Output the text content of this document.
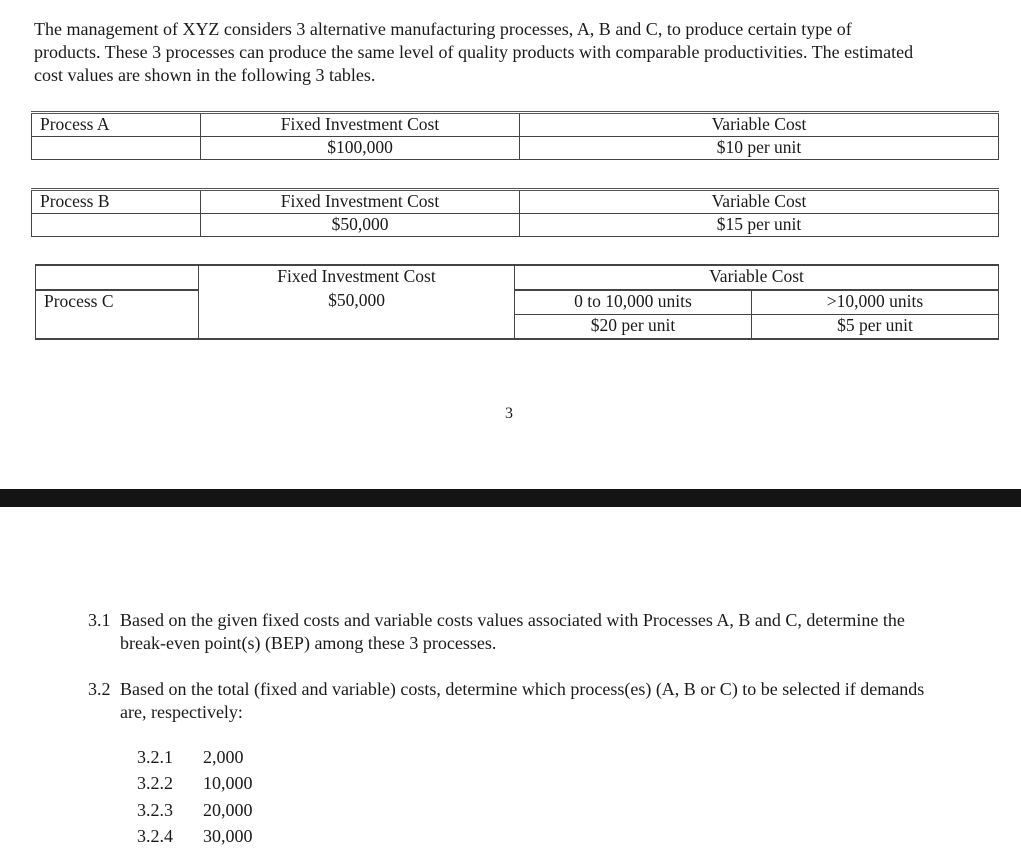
The management of XYZ considers 3 alternative manufacturing processes, A, B and C, to produce certain type of
products. These 3 processes can produce the same level of quality products with comparable productivities. The estimated
cost values are shown in the following 3 tables.
Process A	Fixed Investment Cost	Variable Cost
	$100,000	$10 per unit
Process B	Fixed Investment Cost	Variable Cost
	$50,000	$15 per unit
	Fixed Investment Cost	Variable Cost	
Process C	$50,000	0 to 10,000 units	>10,000 units
		$20 per unit	$5 per unit
3
3.1 Based on the given fixed costs and variable costs values associated with Processes A, B and C, determine the
break-even point(s) (BEP) among these 3 processes.
3.2 Based on the total (fixed and variable) costs, determine which process(es) (A, B or C) to be selected if demands
are, respectively:
3.2.1 2,000
3.2.2 10,000
3.2.3 20,000
3.2.4 30,000
